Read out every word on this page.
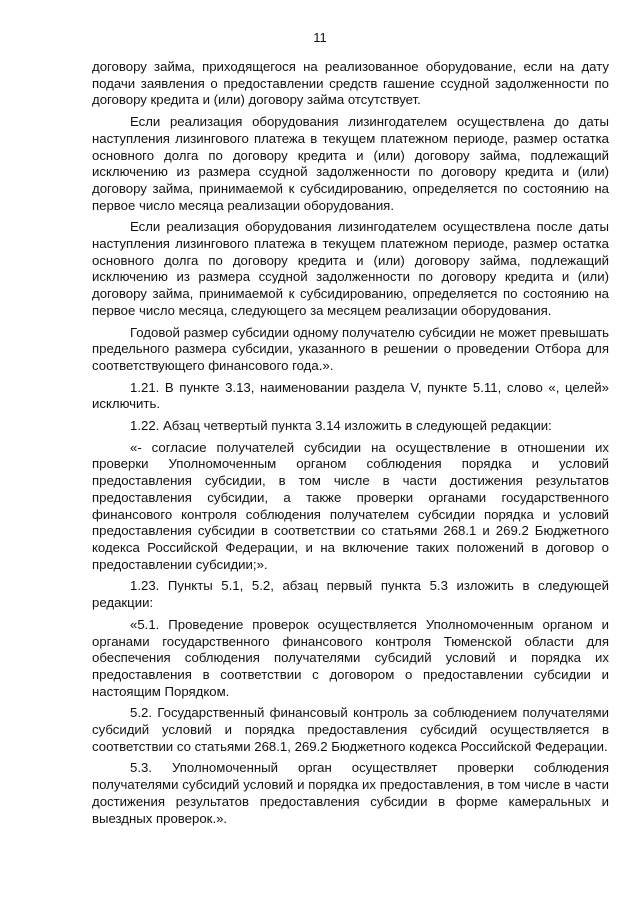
11

договору займа, приходящегося на реализованное оборудование, если на дату подачи заявления о предоставлении средств гашение ссудной задолженности по договору кредита и (или) договору займа отсутствует.

Если реализация оборудования лизингодателем осуществлена до даты наступления лизингового платежа в текущем платежном периоде, размер остатка основного долга по договору кредита и (или) договору займа, подлежащий исключению из размера ссудной задолженности по договору кредита и (или) договору займа, принимаемой к субсидированию, определяется по состоянию на первое число месяца реализации оборудования.

Если реализация оборудования лизингодателем осуществлена после даты наступления лизингового платежа в текущем платежном периоде, размер остатка основного долга по договору кредита и (или) договору займа, подлежащий исключению из размера ссудной задолженности по договору кредита и (или) договору займа, принимаемой к субсидированию, определяется по состоянию на первое число месяца, следующего за месяцем реализации оборудования.

Годовой размер субсидии одному получателю субсидии не может превышать предельного размера субсидии, указанного в решении о проведении Отбора для соответствующего финансового года.».

1.21. В пункте 3.13, наименовании раздела V, пункте 5.11, слово «, целей» исключить.

1.22. Абзац четвертый пункта 3.14 изложить в следующей редакции:

«- согласие получателей субсидии на осуществление в отношении их проверки Уполномоченным органом соблюдения порядка и условий предоставления субсидии, в том числе в части достижения результатов предоставления субсидии, а также проверки органами государственного финансового контроля соблюдения получателем субсидии порядка и условий предоставления субсидии в соответствии со статьями 268.1 и 269.2 Бюджетного кодекса Российской Федерации, и на включение таких положений в договор о предоставлении субсидии;».

1.23. Пункты 5.1, 5.2, абзац первый пункта 5.3 изложить в следующей редакции:

«5.1. Проведение проверок осуществляется Уполномоченным органом и органами государственного финансового контроля Тюменской области для обеспечения соблюдения получателями субсидий условий и порядка их предоставления в соответствии с договором о предоставлении субсидии и настоящим Порядком.

5.2. Государственный финансовый контроль за соблюдением получателями субсидий условий и порядка предоставления субсидий осуществляется в соответствии со статьями 268.1, 269.2 Бюджетного кодекса Российской Федерации.

5.3. Уполномоченный орган осуществляет проверки соблюдения получателями субсидий условий и порядка их предоставления, в том числе в части достижения результатов предоставления субсидии в форме камеральных и выездных проверок.».
